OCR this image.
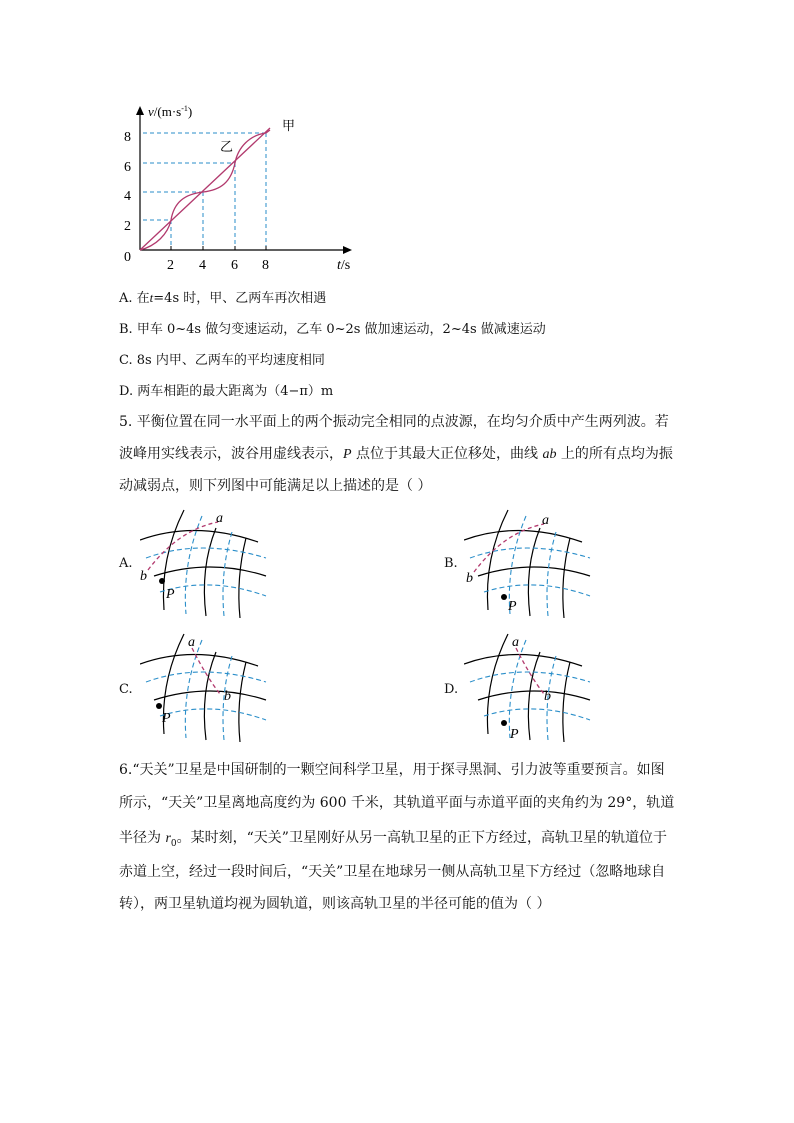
$v/(m\cdot s^{-1})$
t/s
0
2 4 6 8
2
4
6
8
甲
乙
A. 在t=4s 时，甲、乙两车再次相遇
B. 甲车 0~4s 做匀变速运动，乙车 0~2s 做加速运动，2~4s 做减速运动
C. 8s 内甲、乙两车的平均速度相同
D. 两车相距的最大距离为（4−π）m
5. 平衡位置在同一水平面上的两个振动完全相同的点波源，在均匀介质中产生两列波。若
波峰用实线表示，波谷用虚线表示，P 点位于其最大正位移处，曲线 ab 上的所有点均为振
动减弱点，则下列图中可能满足以上描述的是（ ）
A.
a
b
P
B.
a
b
P
C.
a
b
P
D.
a
b
P
6.“天关”卫星是中国研制的一颗空间科学卫星，用于探寻黑洞、引力波等重要预言。如图
所示，“天关”卫星离地高度约为 600 千米，其轨道平面与赤道平面的夹角约为 29°，轨道
半径为 $r_0$。某时刻，“天关”卫星刚好从另一高轨卫星的正下方经过，高轨卫星的轨道位于
赤道上空，经过一段时间后，“天关”卫星在地球另一侧从高轨卫星下方经过（忽略地球自
转），两卫星轨道均视为圆轨道，则该高轨卫星的半径可能的值为（ ）
